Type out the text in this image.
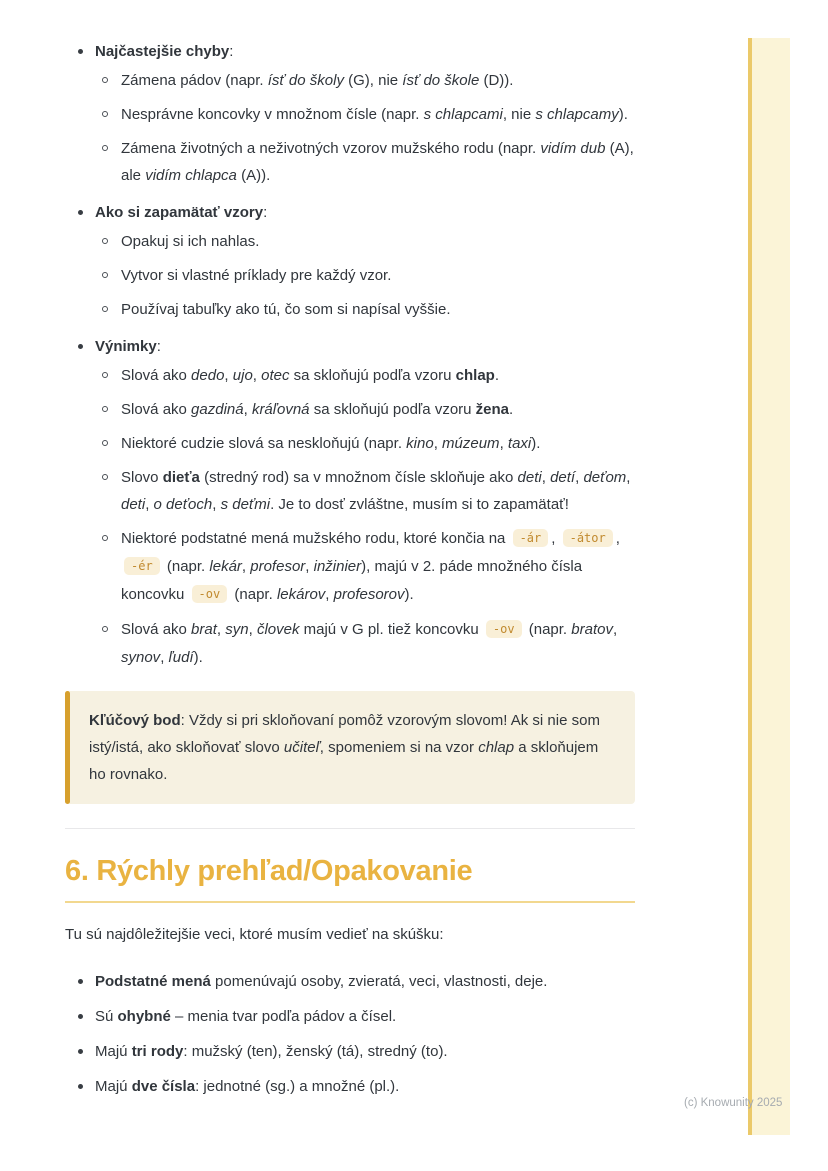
Najčastejšie chyby:
Zámena pádov (napr. ísť do školy (G), nie ísť do škole (D)).
Nesprávne koncovky v množnom čísle (napr. s chlapcami, nie s chlapcamy).
Zámena životných a neživotných vzorov mužského rodu (napr. vidím dub (A), ale vidím chlapca (A)).
Ako si zapamätať vzory:
Opakuj si ich nahlas.
Vytvor si vlastné príklady pre každý vzor.
Používaj tabuľky ako tú, čo som si napísal vyššie.
Výnimky:
Slová ako dedo, ujo, otec sa skloňujú podľa vzoru chlap.
Slová ako gazdiná, kráľovná sa skloňujú podľa vzoru žena.
Niektoré cudzie slová sa neskloňujú (napr. kino, múzeum, taxi).
Slovo dieťa (stredný rod) sa v množnom čísle skloňuje ako deti, detí, deťom, deti, o deťoch, s deťmi. Je to dosť zvláštne, musím si to zapamätať!
Niektoré podstatné mená mužského rodu, ktoré končia na -ár , -átor , -ér (napr. lekár, profesor, inžinier), majú v 2. páde množného čísla koncovku -ov (napr. lekárov, profesorov).
Slová ako brat, syn, človek majú v G pl. tiež koncovku -ov (napr. bratov, synov, ľudí).

Kľúčový bod: Vždy si pri skloňovaní pomôž vzorovým slovom! Ak si nie som istý/istá, ako skloňovať slovo učiteľ, spomeniem si na vzor chlap a skloňujem ho rovnako.

6. Rýchly prehľad/Opakovanie

Tu sú najdôležitejšie veci, ktoré musím vedieť na skúšku:

Podstatné mená pomenúvajú osoby, zvieratá, veci, vlastnosti, deje.
Sú ohybné – menia tvar podľa pádov a čísel.
Majú tri rody: mužský (ten), ženský (tá), stredný (to).
Majú dve čísla: jednotné (sg.) a množné (pl.).
(c) Knowunity 2025
